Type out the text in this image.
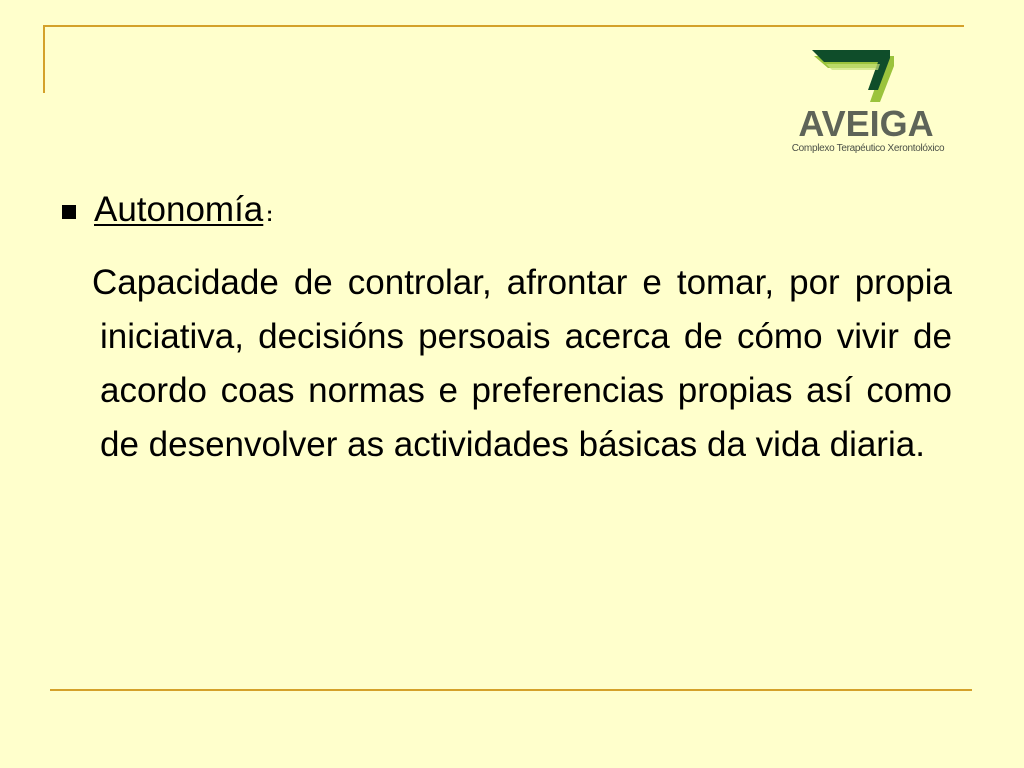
AVEIGA
Complexo Terapéutico Xerontolóxico
Autonomía :

Capacidade de controlar, afrontar e tomar, por propia iniciativa, decisións persoais acerca de cómo vivir de acordo coas normas e preferencias propias así como de desenvolver as actividades básicas da vida diaria.
